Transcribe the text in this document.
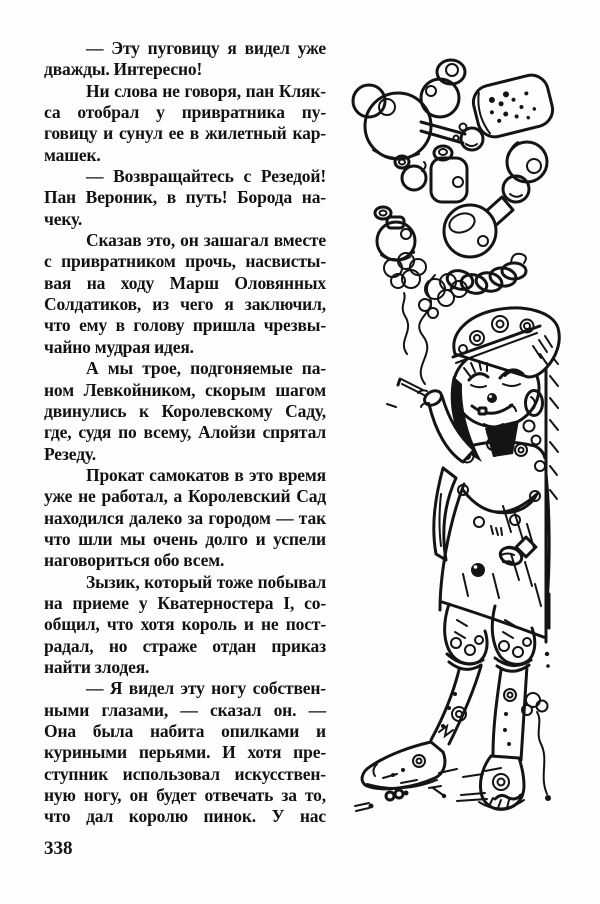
— Эту пуговицу я видел уже
дважды. Интересно!
Ни слова не говоря, пан Кляк-
са отобрал у привратника пу-
говицу и сунул ее в жилетный кар-
машек.
— Возвращайтесь с Резедой!
Пан Вероник, в путь! Борода на-
чеку.
Сказав это, он зашагал вместе
с привратником прочь, насвисты-
вая на ходу Марш Оловянных
Солдатиков, из чего я заключил,
что ему в голову пришла чрезвы-
чайно мудрая идея.
А мы трое, подгоняемые па-
ном Левкойником, скорым шагом
двинулись к Королевскому Саду,
где, судя по всему, Алойзи спрятал
Резеду.
Прокат самокатов в это время
уже не работал, а Королевский Сад
находился далеко за городом — так
что шли мы очень долго и успели
наговориться обо всем.
Зызик, который тоже побывал
на приеме у Кватерностера I, со-
общил, что хотя король и не пост-
радал, но страже отдан приказ
найти злодея.
— Я видел эту ногу собствен-
ными глазами, — сказал он. —
Она была набита опилками и
куриными перьями. И хотя пре-
ступник использовал искусствен-
ную ногу, он будет отвечать за то,
что дал королю пинок. У нас
338
